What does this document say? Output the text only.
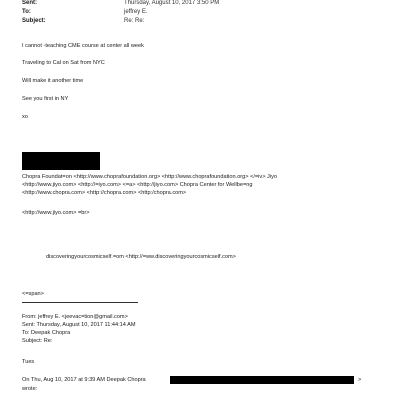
Sent:	Thursday, August 10, 2017 3:50 PM
To:	jeffrey E.
Subject:	Re: Re:
I cannot -teaching CME course at center all week
Traveling to Cal on Sat from NYC
Will make it another time
See you first in NY
xo
Chopra Foundat=on <http://www.choprafoundation.org> <http://www.choprafoundation.org> </=iv> Jiyo
<http://www.jiyo.com> <http://=iyo.com> <=a> <http://jiyo.com> Chopra Center for Wellbe=ng
<http://www.chopra.com> <http://chopra.com> <http:/chopra.com>
<http://www.jiyo.com> =br>
discoveringyourcosmicself.=om <http://=ww.discoveringyourcosmicself.com>
<=span>
From: jeffrey E. <jeevac=tion@gmail.com>
Sent: Thursday, August 10, 2017 11:44:14 AM
To: Deepak Chopra
Subject: Re:
Tues
On Thu, Aug 10, 2017 at 9:39 AM Deepak Chopra	>
wrote:
